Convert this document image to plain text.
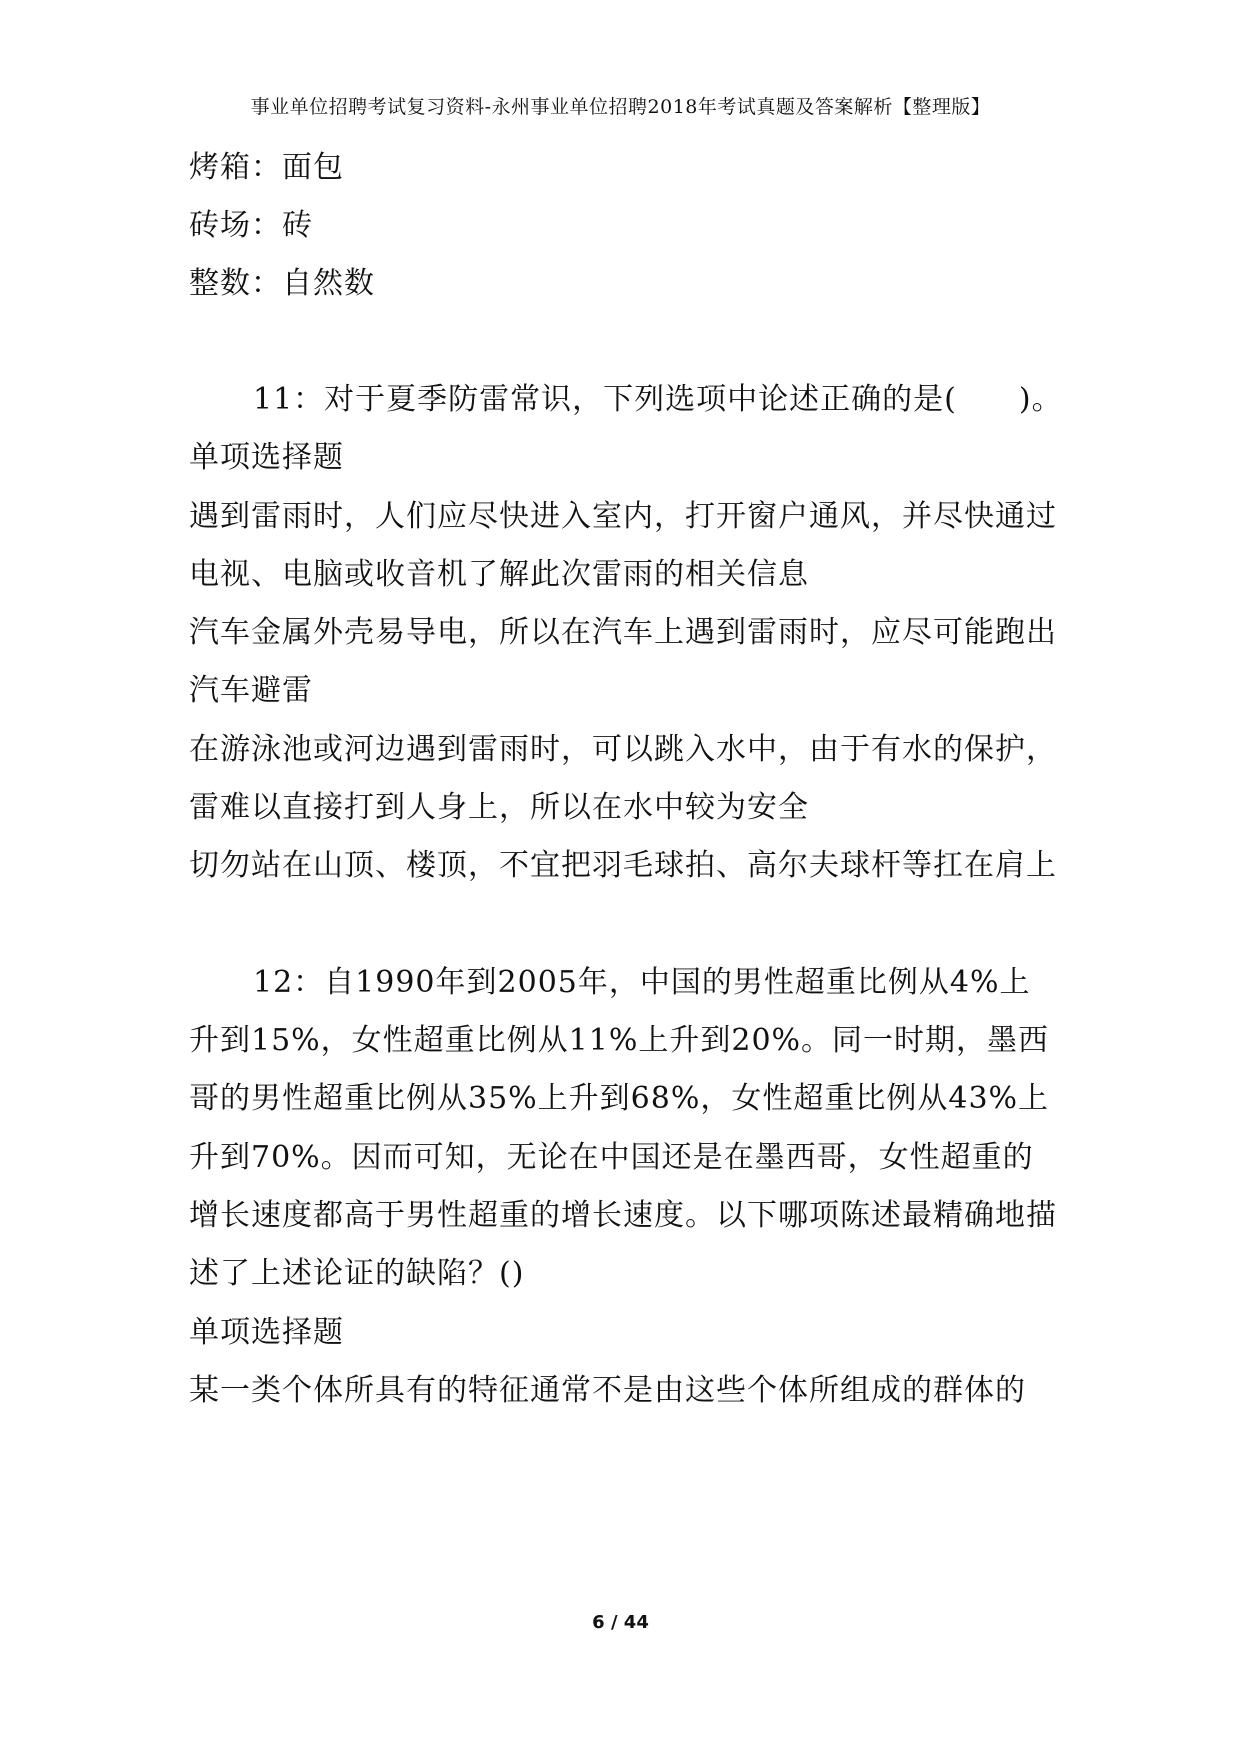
事业单位招聘考试复习资料-永州事业单位招聘2018年考试真题及答案解析【整理版】
烤箱：面包
砖场：砖
整数：自然数
11：对于夏季防雷常识，下列选项中论述正确的是(　　)。
单项选择题
遇到雷雨时，人们应尽快进入室内，打开窗户通风，并尽快通过
电视、电脑或收音机了解此次雷雨的相关信息
汽车金属外壳易导电，所以在汽车上遇到雷雨时，应尽可能跑出
汽车避雷
在游泳池或河边遇到雷雨时，可以跳入水中，由于有水的保护，
雷难以直接打到人身上，所以在水中较为安全
切勿站在山顶、楼顶，不宜把羽毛球拍、高尔夫球杆等扛在肩上
12：自1990年到2005年，中国的男性超重比例从4%上
升到15%，女性超重比例从11%上升到20%。同一时期，墨西
哥的男性超重比例从35%上升到68%，女性超重比例从43%上
升到70%。因而可知，无论在中国还是在墨西哥，女性超重的
增长速度都高于男性超重的增长速度。以下哪项陈述最精确地描
述了上述论证的缺陷？()
单项选择题
某一类个体所具有的特征通常不是由这些个体所组成的群体的
6 / 44
